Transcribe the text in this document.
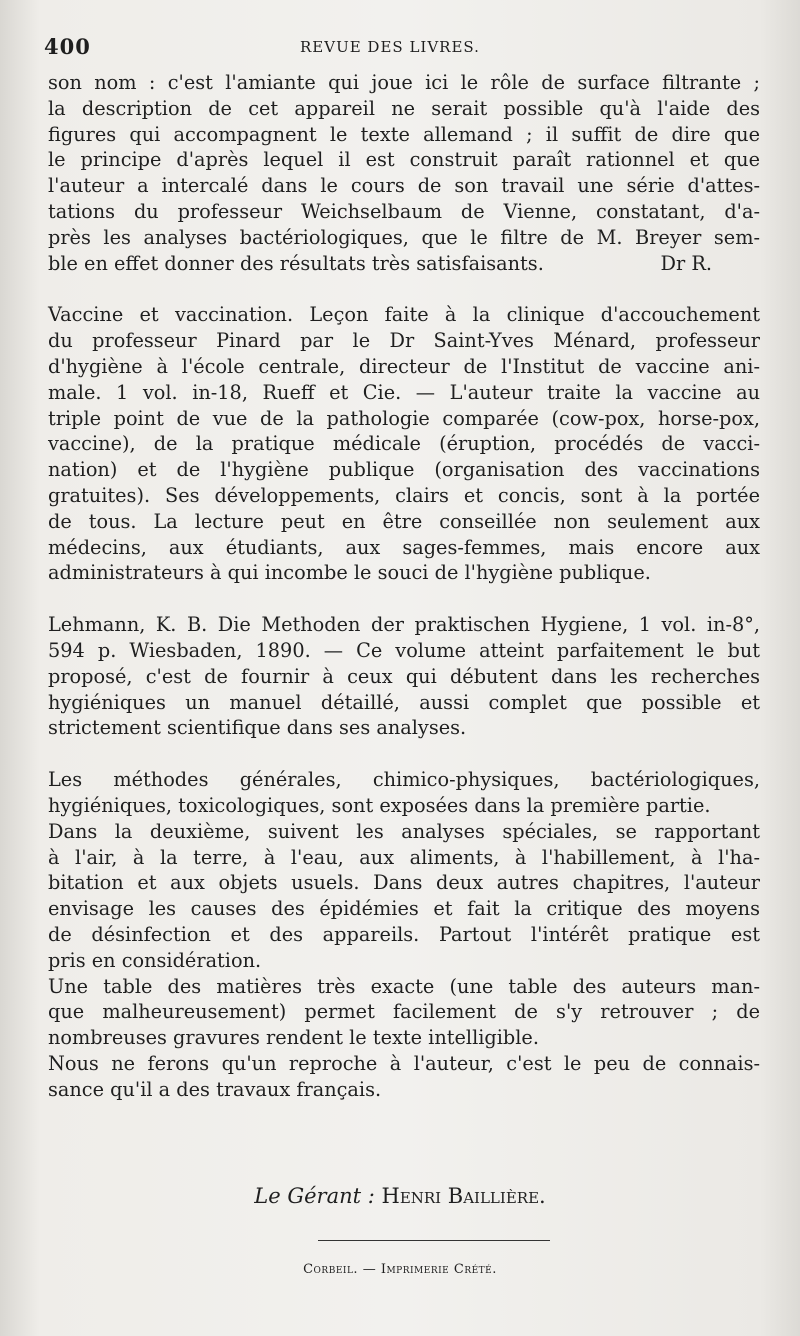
400	REVUE DES LIVRES.
son nom : c'est l'amiante qui joue ici le rôle de surface filtrante ;
la description de cet appareil ne serait possible qu'à l'aide des
figures qui accompagnent le texte allemand ; il suffit de dire que
le principe d'après lequel il est construit paraît rationnel et que
l'auteur a intercalé dans le cours de son travail une série d'attes-
tations du professeur Weichselbaum de Vienne, constatant, d'a-
près les analyses bactériologiques, que le filtre de M. Breyer sem-
ble en effet donner des résultats très satisfaisants.	Dr R.
Vaccine et vaccination. Leçon faite à la clinique d'accouchement
du professeur Pinard par le Dr Saint-Yves Ménard, professeur
d'hygiène à l'école centrale, directeur de l'Institut de vaccine ani-
male. 1 vol. in-18, Rueff et Cie. — L'auteur traite la vaccine au
triple point de vue de la pathologie comparée (cow-pox, horse-pox,
vaccine), de la pratique médicale (éruption, procédés de vacci-
nation) et de l'hygiène publique (organisation des vaccinations
gratuites). Ses développements, clairs et concis, sont à la portée
de tous. La lecture peut en être conseillée non seulement aux
médecins, aux étudiants, aux sages-femmes, mais encore aux
administrateurs à qui incombe le souci de l'hygiène publique.
Lehmann, K. B. Die Methoden der praktischen Hygiene, 1 vol. in-8°,
594 p. Wiesbaden, 1890. — Ce volume atteint parfaitement le but
proposé, c'est de fournir à ceux qui débutent dans les recherches
hygiéniques un manuel détaillé, aussi complet que possible et
strictement scientifique dans ses analyses.
Les méthodes générales, chimico-physiques, bactériologiques,
hygiéniques, toxicologiques, sont exposées dans la première partie.
Dans la deuxième, suivent les analyses spéciales, se rapportant
à l'air, à la terre, à l'eau, aux aliments, à l'habillement, à l'ha-
bitation et aux objets usuels. Dans deux autres chapitres, l'auteur
envisage les causes des épidémies et fait la critique des moyens
de désinfection et des appareils. Partout l'intérêt pratique est
pris en considération.
Une table des matières très exacte (une table des auteurs man-
que malheureusement) permet facilement de s'y retrouver ; de
nombreuses gravures rendent le texte intelligible.
Nous ne ferons qu'un reproche à l'auteur, c'est le peu de connais-
sance qu'il a des travaux français.
Le Gérant : Henri Baillière.
Corbeil. — Imprimerie Crété.
